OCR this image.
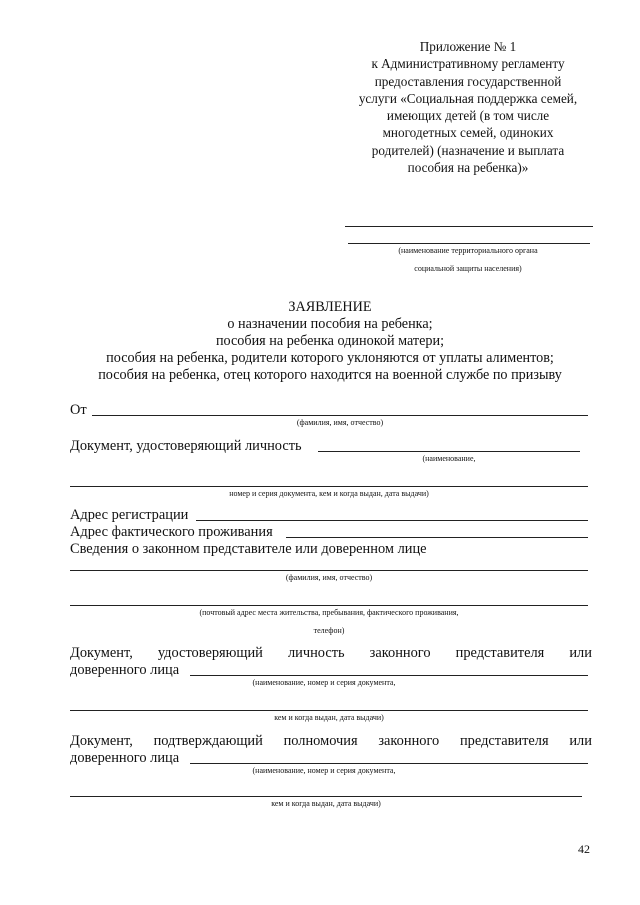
Приложение № 1
к Административному регламенту
предоставления государственной
услуги «Социальная поддержка семей,
имеющих детей (в том числе
многодетных семей, одиноких
родителей) (назначение и выплата
пособия на ребенка)»
(наименование территориального органа
социальной защиты населения)
ЗАЯВЛЕНИЕ
о назначении пособия на ребенка;
пособия на ребенка одинокой матери;
пособия на ребенка, родители которого уклоняются от уплаты алиментов;
пособия на ребенка, отец которого находится на военной службе по призыву
От
(фамилия, имя, отчество)
Документ, удостоверяющий личность
(наименование,
номер и серия документа, кем и когда выдан, дата выдачи)
Адрес регистрации
Адрес фактического проживания
Сведения о законном представителе или доверенном лице
(фамилия, имя, отчество)
(почтовый адрес места жительства, пребывания, фактического проживания,
телефон)
Документ, удостоверяющий личность законного представителя или
доверенного лица
(наименование, номер и серия документа,
кем и когда выдан, дата выдачи)
Документ, подтверждающий полномочия законного представителя или
доверенного лица
(наименование, номер и серия документа,
кем и когда выдан, дата выдачи)
42
